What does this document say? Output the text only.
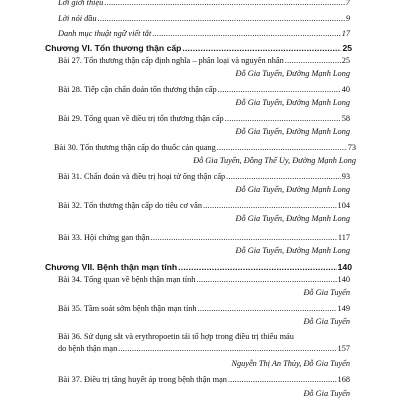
Lời giới thiệu .....	7
Lời nói đầu .....	9
Danh mục thuật ngữ viết tắt .....	17
Chương VI. Tổn thương thận cấp .....	25
Bài 27. Tổn thương thận cấp định nghĩa – phân loại và nguyên nhân .....	25
Đỗ Gia Tuyển, Đường Mạnh Long
Bài 28. Tiếp cận chẩn đoán tổn thương thận cấp .....	40
Đỗ Gia Tuyển, Đường Mạnh Long
Bài 29. Tổng quan về điều trị tổn thương thận cấp .....	58
Đỗ Gia Tuyển, Đường Mạnh Long
Bài 30. Tổn thương thận cấp do thuốc cản quang .....	73
Đỗ Gia Tuyển, Đồng Thế Uy, Đường Mạnh Long
Bài 31. Chẩn đoán và điều trị hoại tử ống thận cấp .....	93
Đỗ Gia Tuyển, Đường Mạnh Long
Bài 32. Tổn thương thận cấp do tiêu cơ vân .....	104
Đỗ Gia Tuyển, Đường Mạnh Long
Bài 33. Hội chứng gan thận .....	117
Đỗ Gia Tuyển, Đường Mạnh Long
Chương VII. Bệnh thận mạn tính .....	140
Bài 34. Tổng quan về bệnh thận mạn tính .....	140
Đỗ Gia Tuyển
Bài 35. Tầm soát sớm bệnh thận mạn tính .....	149
Đỗ Gia Tuyển
Bài 36. Sử dụng sắt và erythropoetin tái tổ hợp trong điều trị thiếu máu
do bệnh thận mạn .....	157
Nguyễn Thị An Thủy, Đỗ Gia Tuyển
Bài 37. Điều trị tăng huyết áp trong bệnh thận mạn .....	168
Đỗ Gia Tuyển
